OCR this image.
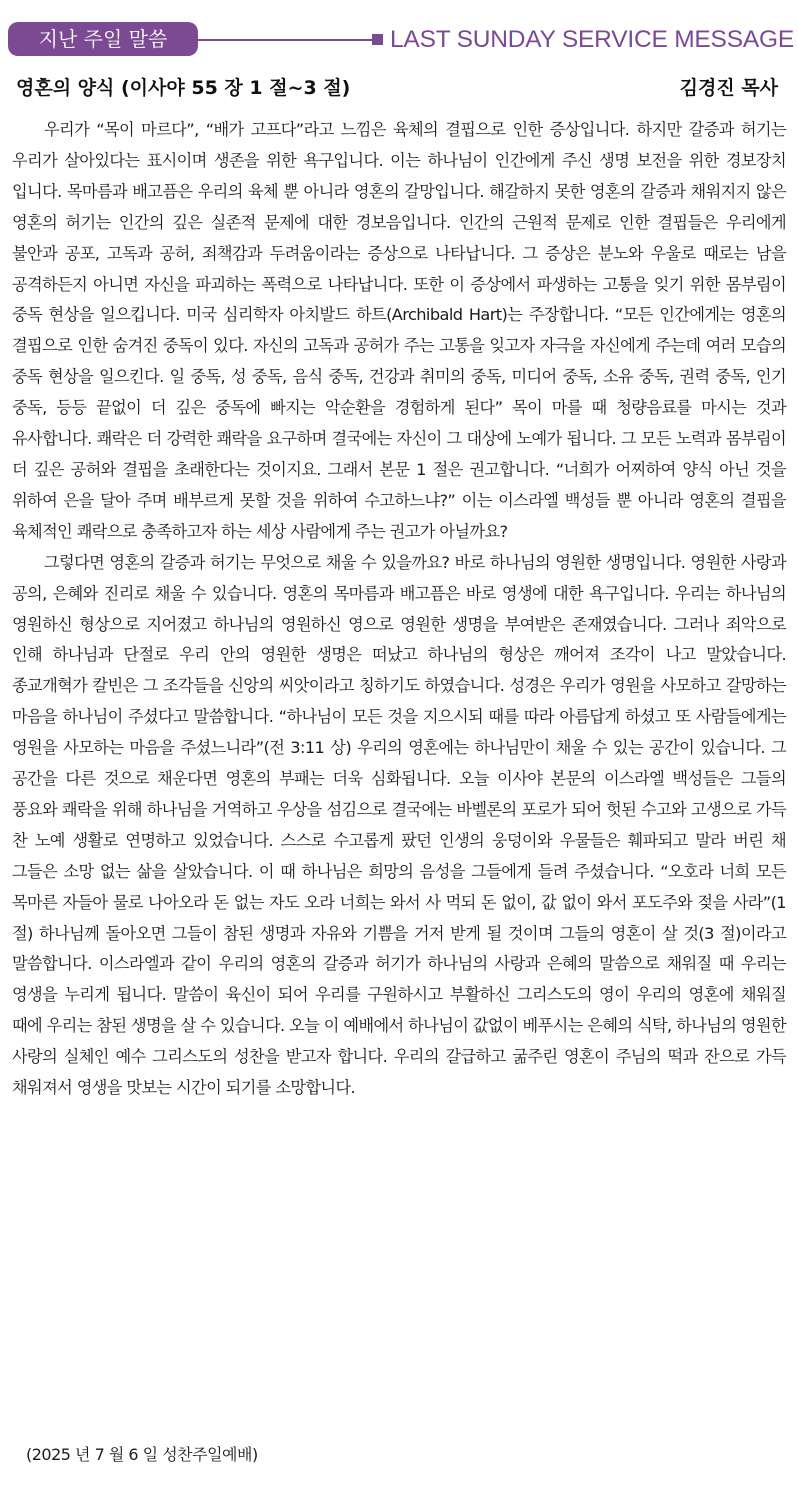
지난 주일 말씀	LAST SUNDAY SERVICE MESSAGE
영혼의 양식 (이사야 55 장 1 절~3 절)	김경진 목사

우리가 “목이 마르다”, “배가 고프다”라고 느낌은 육체의 결핍으로 인한 증상입니다. 하지만 갈증과 허기는 우리가 살아있다는 표시이며 생존을 위한 욕구입니다. 이는 하나님이 인간에게 주신 생명 보전을 위한 경보장치 입니다. 목마름과 배고픔은 우리의 육체 뿐 아니라 영혼의 갈망입니다. 해갈하지 못한 영혼의 갈증과 채워지지 않은 영혼의 허기는 인간의 깊은 실존적 문제에 대한 경보음입니다. 인간의 근원적 문제로 인한 결핍들은 우리에게 불안과 공포, 고독과 공허, 죄책감과 두려움이라는 증상으로 나타납니다. 그 증상은 분노와 우울로 때로는 남을 공격하든지 아니면 자신을 파괴하는 폭력으로 나타납니다. 또한 이 증상에서 파생하는 고통을 잊기 위한 몸부림이 중독 현상을 일으킵니다. 미국 심리학자 아치발드 하트(Archibald Hart)는 주장합니다. “모든 인간에게는 영혼의 결핍으로 인한 숨겨진 중독이 있다. 자신의 고독과 공허가 주는 고통을 잊고자 자극을 자신에게 주는데 여러 모습의 중독 현상을 일으킨다. 일 중독, 성 중독, 음식 중독, 건강과 취미의 중독, 미디어 중독, 소유 중독, 권력 중독, 인기 중독, 등등 끝없이 더 깊은 중독에 빠지는 악순환을 경험하게 된다” 목이 마를 때 청량음료를 마시는 것과 유사합니다. 쾌락은 더 강력한 쾌락을 요구하며 결국에는 자신이 그 대상에 노예가 됩니다. 그 모든 노력과 몸부림이 더 깊은 공허와 결핍을 초래한다는 것이지요. 그래서 본문 1 절은 권고합니다. “너희가 어찌하여 양식 아닌 것을 위하여 은을 달아 주며 배부르게 못할 것을 위하여 수고하느냐?” 이는 이스라엘 백성들 뿐 아니라 영혼의 결핍을 육체적인 쾌락으로 충족하고자 하는 세상 사람에게 주는 권고가 아닐까요?

그렇다면 영혼의 갈증과 허기는 무엇으로 채울 수 있을까요? 바로 하나님의 영원한 생명입니다. 영원한 사랑과 공의, 은혜와 진리로 채울 수 있습니다. 영혼의 목마름과 배고픔은 바로 영생에 대한 욕구입니다. 우리는 하나님의 영원하신 형상으로 지어졌고 하나님의 영원하신 영으로 영원한 생명을 부여받은 존재였습니다. 그러나 죄악으로 인해 하나님과 단절로 우리 안의 영원한 생명은 떠났고 하나님의 형상은 깨어져 조각이 나고 말았습니다. 종교개혁가 칼빈은 그 조각들을 신앙의 씨앗이라고 칭하기도 하였습니다. 성경은 우리가 영원을 사모하고 갈망하는 마음을 하나님이 주셨다고 말씀합니다. “하나님이 모든 것을 지으시되 때를 따라 아름답게 하셨고 또 사람들에게는 영원을 사모하는 마음을 주셨느니라”(전 3:11 상) 우리의 영혼에는 하나님만이 채울 수 있는 공간이 있습니다. 그 공간을 다른 것으로 채운다면 영혼의 부패는 더욱 심화됩니다. 오늘 이사야 본문의 이스라엘 백성들은 그들의 풍요와 쾌락을 위해 하나님을 거역하고 우상을 섬김으로 결국에는 바벨론의 포로가 되어 헛된 수고와 고생으로 가득 찬 노예 생활로 연명하고 있었습니다. 스스로 수고롭게 팠던 인생의 웅덩이와 우물들은 훼파되고 말라 버린 채 그들은 소망 없는 삶을 살았습니다. 이 때 하나님은 희망의 음성을 그들에게 들려 주셨습니다. “오호라 너희 모든 목마른 자들아 물로 나아오라 돈 없는 자도 오라 너희는 와서 사 먹되 돈 없이, 값 없이 와서 포도주와 젖을 사라”(1 절) 하나님께 돌아오면 그들이 참된 생명과 자유와 기쁨을 거저 받게 될 것이며 그들의 영혼이 살 것(3 절)이라고 말씀합니다. 이스라엘과 같이 우리의 영혼의 갈증과 허기가 하나님의 사랑과 은혜의 말씀으로 채워질 때 우리는 영생을 누리게 됩니다. 말씀이 육신이 되어 우리를 구원하시고 부활하신 그리스도의 영이 우리의 영혼에 채워질 때에 우리는 참된 생명을 살 수 있습니다. 오늘 이 예배에서 하나님이 값없이 베푸시는 은혜의 식탁, 하나님의 영원한 사랑의 실체인 예수 그리스도의 성찬을 받고자 합니다. 우리의 갈급하고 굶주린 영혼이 주님의 떡과 잔으로 가득 채워져서 영생을 맛보는 시간이 되기를 소망합니다.

(2025 년 7 월 6 일 성찬주일예배)
